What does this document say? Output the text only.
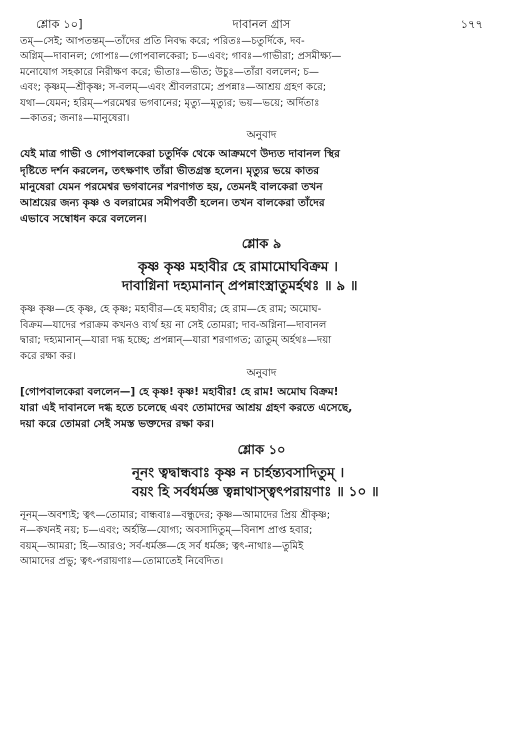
শ্লোক ১০]	দাবানল গ্রাস	১৭৭
তম্—সেই; আপতন্তম্—তাঁদের প্রতি নিবদ্ধ করে; পরিতঃ—চতুর্দিকে, দব-
অগ্নিম্—দাবানল; গোপাঃ—গোপবালকেরা; চ—এবং; গাবঃ—গাভীরা; প্রসমীক্ষ্য—
মনোযোগ সহকারে নিরীক্ষণ করে; ভীতাঃ—ভীত; উচুঃ—তাঁরা বললেন; চ—
এবং; কৃষ্ণম্—শ্রীকৃষ্ণ; স-বলম্—এবং শ্রীবলরামে; প্রপন্নাঃ—আশ্রয় গ্রহণ করে;
যথা—যেমন; হরিম্—পরমেশ্বর ভগবানের; মৃত্যু—মৃত্যুর; ভয়—ভয়ে; অর্দিতাঃ
—কাতর; জনাঃ—মানুষেরা।
অনুবাদ
যেই মাত্র গাভী ও গোপবালকেরা চতুর্দিক থেকে আক্রমণে উদ্যত দাবানল স্থির
দৃষ্টিতে দর্শন করলেন, তৎক্ষণাৎ তাঁরা ভীতগ্রস্ত হলেন। মৃত্যুর ভয়ে কাতর
মানুষেরা যেমন পরমেশ্বর ভগবানের শরণাগত হয়, তেমনই বালকেরা তখন
আশ্রয়ের জন্য কৃষ্ণ ও বলরামের সমীপবর্তী হলেন। তখন বালকেরা তাঁদের
এভাবে সম্বোধন করে বললেন।
শ্লোক ৯
কৃষ্ণ কৃষ্ণ মহাবীর হে রামামোঘবিক্রম ।
দাবাগ্নিনা দহ্যমানান্ প্রপন্নাংস্ত্রাতুমর্হথঃ ॥ ৯ ॥
কৃষ্ণ কৃষ্ণ—হে কৃষ্ণ, হে কৃষ্ণ; মহাবীর—হে মহাবীর; হে রাম—হে রাম; অমোঘ-
বিক্রম—যাদের পরাক্রম কখনও ব্যর্থ হয় না সেই তোমরা; দাব-অগ্নিনা—দাবানল
দ্বারা; দহ্যমানান্—যারা দগ্ধ হচ্ছে; প্রপন্নান্—যারা শরণাগত; ত্রাতুম্ অর্হথঃ—দয়া
করে রক্ষা কর।
অনুবাদ
[গোপবালকেরা বললেন—] হে কৃষ্ণ! কৃষ্ণ! মহাবীর! হে রাম! অমোঘ বিক্রম!
যারা এই দাবানলে দগ্ধ হতে চলেছে এবং তোমাদের আশ্রয় গ্রহণ করতে এসেছে,
দয়া করে তোমরা সেই সমস্ত ভক্তদের রক্ষা কর।
শ্লোক ১০
নূনং ত্বদ্বান্ধবাঃ কৃষ্ণ ন চার্হন্ত্যবসাদিতুম্ ।
বয়ং হি সর্বধর্মজ্ঞ ত্বন্নাথাস্ত্বৎপরায়ণাঃ ॥ ১০ ॥
নূনম্—অবশ্যই; ত্বৎ—তোমার; বান্ধবাঃ—বন্ধুদের; কৃষ্ণ—আমাদের প্রিয় শ্রীকৃষ্ণ;
ন—কখনই নয়; চ—এবং; অর্হন্তি—যোগ্য; অবসাদিতুম্—বিনাশ প্রাপ্ত হবার;
বয়ম্—আমরা; হি—আরও; সর্ব-ধর্মজ্ঞ—হে সর্ব ধর্মজ্ঞ; ত্বৎ-নাথাঃ—তুমিই
আমাদের প্রভু; ত্বৎ-পরায়ণাঃ—তোমাতেই নিবেদিত।
